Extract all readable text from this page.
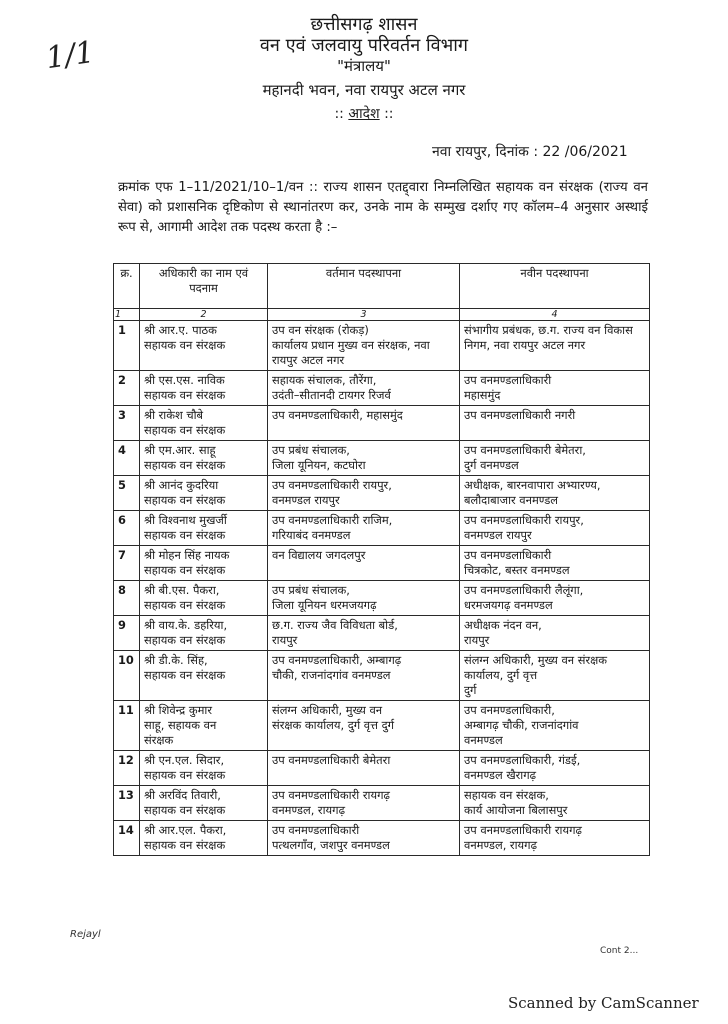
1/1
छत्तीसगढ़ शासन
वन एवं जलवायु परिवर्तन विभाग
"मंत्रालय"
महानदी भवन, नवा रायपुर अटल नगर
:: आदेश ::
नवा रायपुर, दिनांक : 22 /06/2021
क्रमांक एफ 1–11/2021/10–1/वन :: राज्य शासन एतद्द्वारा निम्नलिखित सहायक वन संरक्षक (राज्य वन सेवा) को प्रशासनिक दृष्टिकोण से स्थानांतरण कर, उनके नाम के सम्मुख दर्शाए गए कॉलम–4 अनुसार अस्थाई रूप से, आगामी आदेश तक पदस्थ करता है :–
क्र.	अधिकारी का नाम एवं पदनाम	वर्तमान पदस्थापना	नवीन पदस्थापना
1	2	3	4
1	श्री आर.ए. पाठक
सहायक वन संरक्षक	उप वन संरक्षक (रोकड़)
कार्यालय प्रधान मुख्य वन संरक्षक, नवा रायपुर अटल नगर	संभागीय प्रबंधक, छ.ग. राज्य वन विकास निगम, नवा रायपुर अटल नगर
2	श्री एस.एस. नाविक
सहायक वन संरक्षक	सहायक संचालक, तौरेंगा,
उदंती–सीतानदी टायगर रिजर्व	उप वनमण्डलाधिकारी
महासमुंद
3	श्री राकेश चौबे
सहायक वन संरक्षक	उप वनमण्डलाधिकारी, महासमुंद	उप वनमण्डलाधिकारी नगरी
4	श्री एम.आर. साहू
सहायक वन संरक्षक	उप प्रबंध संचालक,
जिला यूनियन, कटघोरा	उप वनमण्डलाधिकारी बेमेतरा,
दुर्ग वनमण्डल
5	श्री आनंद कुदरिया
सहायक वन संरक्षक	उप वनमण्डलाधिकारी रायपुर,
वनमण्डल रायपुर	अधीक्षक, बारनवापारा अभ्यारण्य,
बलौदाबाजार वनमण्डल
6	श्री विश्वनाथ मुखर्जी
सहायक वन संरक्षक	उप वनमण्डलाधिकारी राजिम,
गरियाबंद वनमण्डल	उप वनमण्डलाधिकारी रायपुर,
वनमण्डल रायपुर
7	श्री मोहन सिंह नायक
सहायक वन संरक्षक	वन विद्यालय जगदलपुर	उप वनमण्डलाधिकारी
चित्रकोट, बस्तर वनमण्डल
8	श्री बी.एस. पैकरा,
सहायक वन संरक्षक	उप प्रबंध संचालक,
जिला यूनियन धरमजयगढ़	उप वनमण्डलाधिकारी लैलूंगा,
धरमजयगढ़ वनमण्डल
9	श्री वाय.के. डहरिया,
सहायक वन संरक्षक	छ.ग. राज्य जैव विविधता बोर्ड,
रायपुर	अधीक्षक नंदन वन,
रायपुर
10	श्री डी.के. सिंह,
सहायक वन संरक्षक	उप वनमण्डलाधिकारी, अम्बागढ़
चौकी, राजनांदगांव वनमण्डल	संलग्न अधिकारी, मुख्य वन संरक्षक कार्यालय, दुर्ग वृत्त
दुर्ग
11	श्री शिवेन्द्र कुमार
साहू, सहायक वन
संरक्षक	संलग्न अधिकारी, मुख्य वन
संरक्षक कार्यालय, दुर्ग वृत्त दुर्ग	उप वनमण्डलाधिकारी,
अम्बागढ़ चौकी, राजनांदगांव
वनमण्डल
12	श्री एन.एल. सिदार,
सहायक वन संरक्षक	उप वनमण्डलाधिकारी बेमेतरा	उप वनमण्डलाधिकारी, गंडई,
वनमण्डल खैरागढ़
13	श्री अरविंद तिवारी,
सहायक वन संरक्षक	उप वनमण्डलाधिकारी रायगढ़
वनमण्डल, रायगढ़	सहायक वन संरक्षक,
कार्य आयोजना बिलासपुर
14	श्री आर.एल. पैकरा,
सहायक वन संरक्षक	उप वनमण्डलाधिकारी
पत्थलगाँव, जशपुर वनमण्डल	उप वनमण्डलाधिकारी रायगढ़
वनमण्डल, रायगढ़
Rejayl
Cont 2...
Scanned by CamScanner
